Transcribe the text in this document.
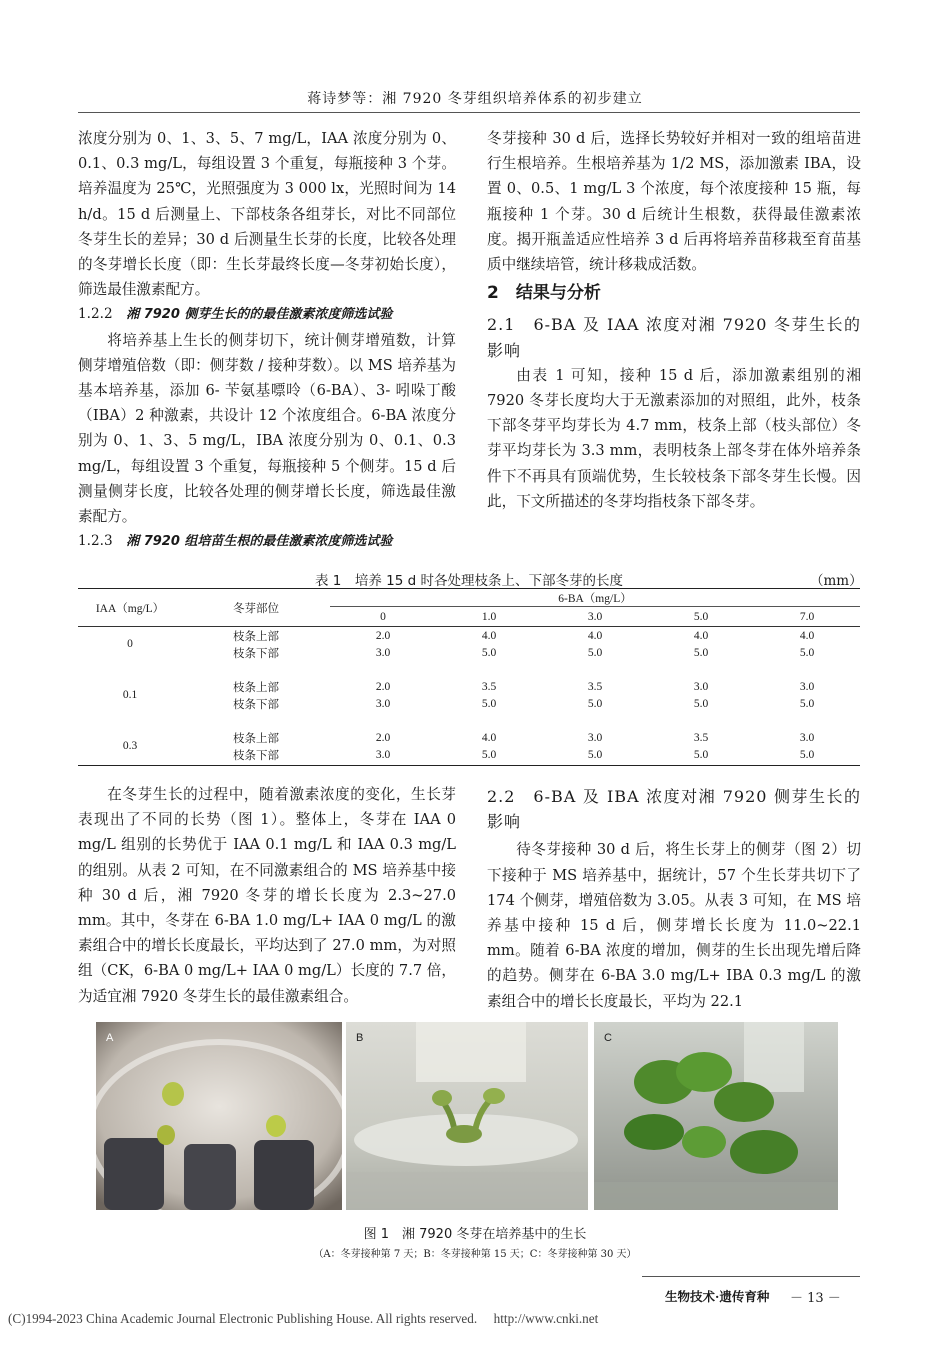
蒋诗梦等：湘 7920 冬芽组织培养体系的初步建立

浓度分别为 0、1、3、5、7 mg/L，IAA 浓度分别为 0、0.1、0.3 mg/L，每组设置 3 个重复，每瓶接种 3 个芽。培养温度为 25℃，光照强度为 3 000 lx，光照时间为 14 h/d。15 d 后测量上、下部枝条各组芽长，对比不同部位冬芽生长的差异；30 d 后测量生长芽的长度，比较各处理的冬芽增长长度（即：生长芽最终长度—冬芽初始长度），筛选最佳激素配方。

1.2.2　 湘 7920 侧芽生长的的最佳激素浓度筛选试验

将培养基上生长的侧芽切下，统计侧芽增殖数，计算侧芽增殖倍数（即：侧芽数 / 接种芽数）。以 MS 培养基为基本培养基，添加 6- 苄氨基嘌呤（6-BA）、3- 吲哚丁酸（IBA）2 种激素，共设计 12 个浓度组合。6-BA 浓度分别为 0、1、3、5 mg/L，IBA 浓度分别为 0、0.1、0.3 mg/L，每组设置 3 个重复，每瓶接种 5 个侧芽。15 d 后测量侧芽长度，比较各处理的侧芽增长长度，筛选最佳激素配方。

1.2.3　 湘 7920 组培苗生根的最佳激素浓度筛选试验

冬芽接种 30 d 后，选择长势较好并相对一致的组培苗进行生根培养。生根培养基为 1/2 MS，添加激素 IBA，设置 0、0.5、1 mg/L 3 个浓度，每个浓度接种 15 瓶，每瓶接种 1 个芽。30 d 后统计生根数，获得最佳激素浓度。揭开瓶盖适应性培养 3 d 后再将培养苗移栽至育苗基质中继续培管，统计移栽成活数。

2　结果与分析

2.1　6-BA 及 IAA 浓度对湘 7920 冬芽生长的影响

由表 1 可知，接种 15 d 后，添加激素组别的湘 7920 冬芽长度均大于无激素添加的对照组，此外，枝条下部冬芽平均芽长为 4.7 mm，枝条上部（枝头部位）冬芽平均芽长为 3.3 mm，表明枝条上部冬芽在体外培养条件下不再具有顶端优势，生长较枝条下部冬芽生长慢。因此，下文所描述的冬芽均指枝条下部冬芽。

表 1　培养 15 d 时各处理枝条上、下部冬芽的长度	（mm）
IAA（mg/L）	冬芽部位	6-BA（mg/L）				
		0	1.0	3.0	5.0	7.0
0	枝条上部	2.0	4.0	4.0	4.0	4.0
	枝条下部	3.0	5.0	5.0	5.0	5.0

0.1	枝条上部	2.0	3.5	3.5	3.0	3.0
	枝条下部	3.0	5.0	5.0	5.0	5.0

0.3	枝条上部	2.0	4.0	3.0	3.5	3.0
	枝条下部	3.0	5.0	5.0	5.0	5.0

在冬芽生长的过程中，随着激素浓度的变化，生长芽表现出了不同的长势（图 1）。整体上，冬芽在 IAA 0 mg/L 组别的长势优于 IAA 0.1 mg/L 和 IAA 0.3 mg/L 的组别。从表 2 可知，在不同激素组合的 MS 培养基中接种 30 d 后，湘 7920 冬芽的增长长度为 2.3~27.0 mm。其中，冬芽在 6-BA 1.0 mg/L+ IAA 0 mg/L 的激素组合中的增长长度最长，平均达到了 27.0 mm，为对照组（CK，6-BA 0 mg/L+ IAA 0 mg/L）长度的 7.7 倍，为适宜湘 7920 冬芽生长的最佳激素组合。

2.2　6-BA 及 IBA 浓度对湘 7920 侧芽生长的影响

待冬芽接种 30 d 后，将生长芽上的侧芽（图 2）切下接种于 MS 培养基中，据统计，57 个生长芽共切下了 174 个侧芽，增殖倍数为 3.05。从表 3 可知，在 MS 培养基中接种 15 d 后，侧芽增长长度为 11.0~22.1 mm。随着 6-BA 浓度的增加，侧芽的生长出现先增后降的趋势。侧芽在 6-BA 3.0 mg/L+ IBA 0.3 mg/L 的激素组合中的增长长度最长，平均为 22.1

A	B	C
图 1　湘 7920 冬芽在培养基中的生长
（A：冬芽接种第 7 天；B：冬芽接种第 15 天；C：冬芽接种第 30 天）
生物技术·遗传育种 － 13 －
(C)1994-2023 China Academic Journal Electronic Publishing House. All rights reserved.　 http://www.cnki.net
